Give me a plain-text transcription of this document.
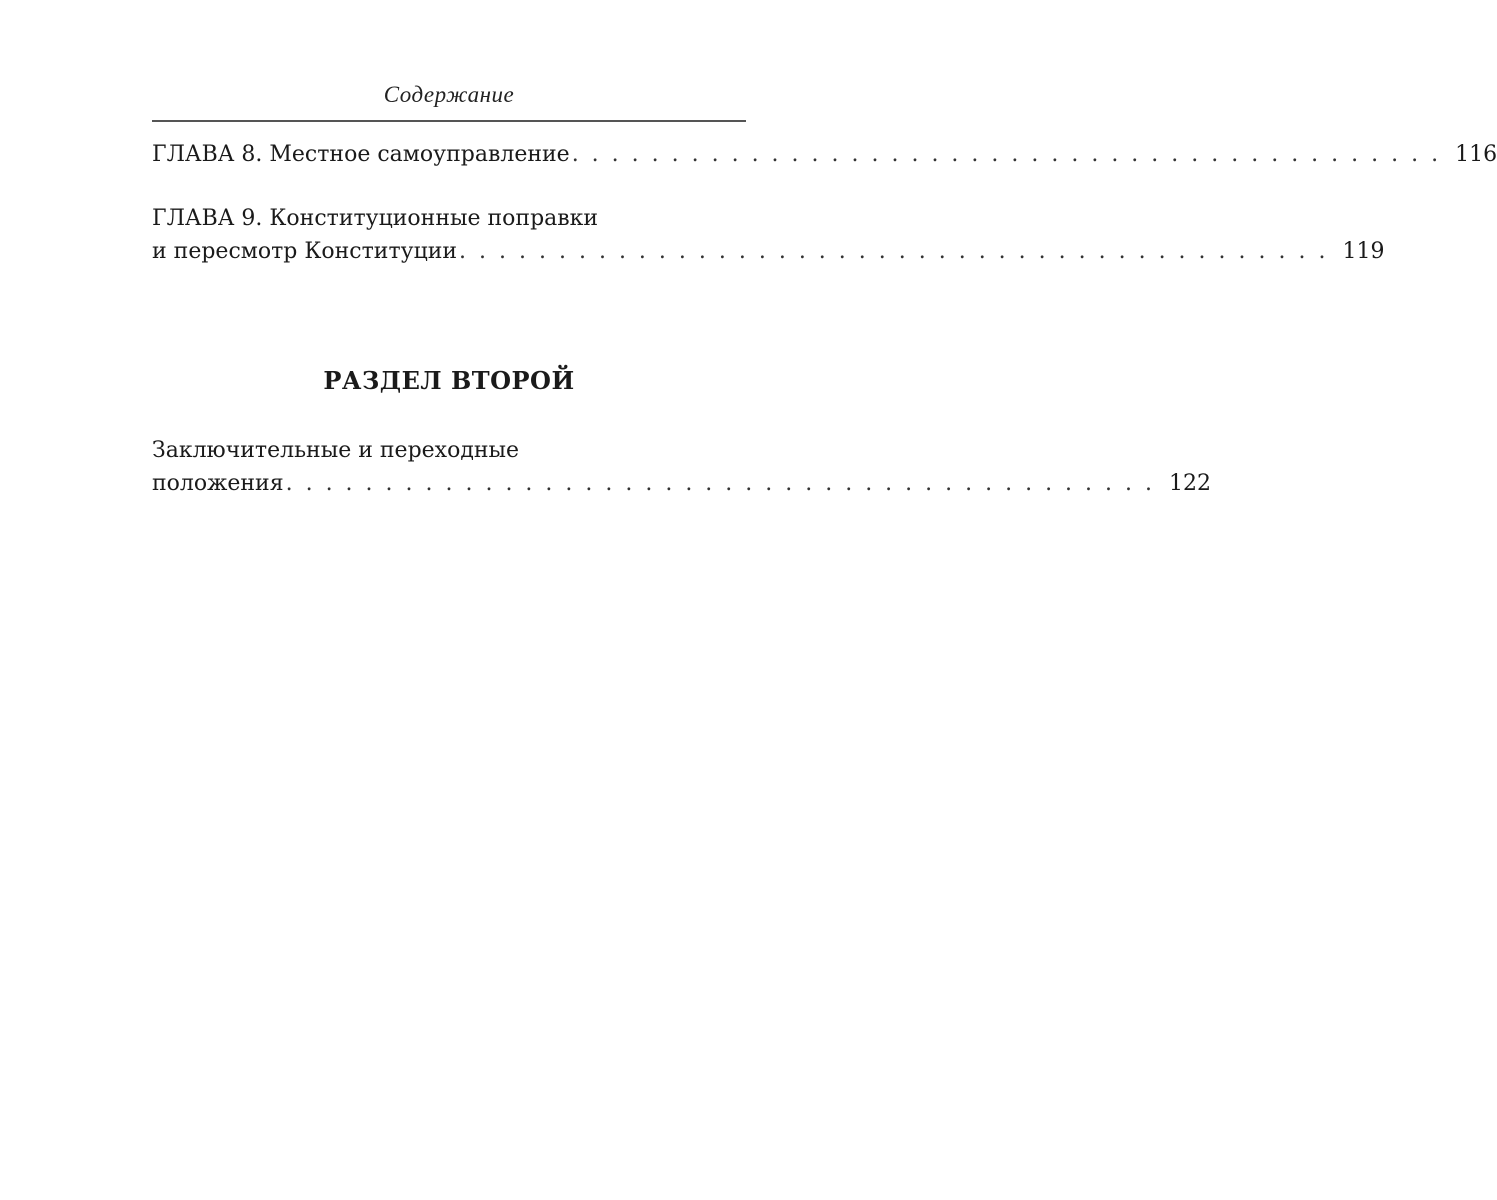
Содержание
ГЛАВА 8. Местное самоуправление . . . . . . . . . . . . . . . . . . . . . . . . . . . . . . . . . . . . . . . . . . . . 116
ГЛАВА 9. Конституционные поправки
и пересмотр Конституции . . . . . . . . . . . . . . . . . . . . . . . . . . . . . . . . . . . . . . . . . . . . 119
РАЗДЕЛ ВТОРОЙ
Заключительные и переходные
положения . . . . . . . . . . . . . . . . . . . . . . . . . . . . . . . . . . . . . . . . . . . . 122
